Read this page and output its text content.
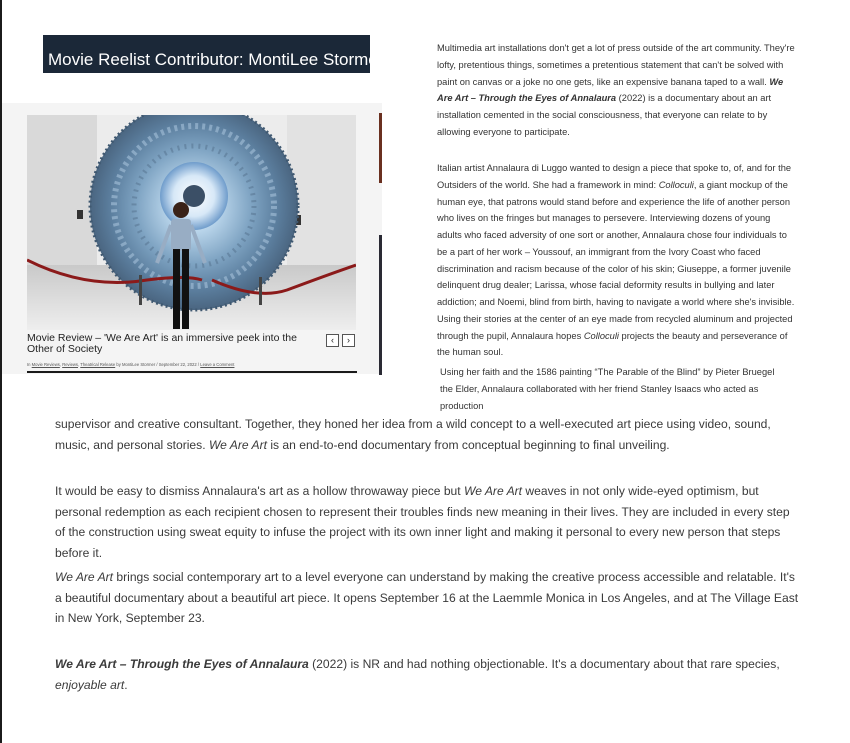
Movie Reelist Contributor: MontiLee Stormer
Movie Review – 'We Are Art' is an immersive peek into the Other of Society
‹	›
In Movie Reviews, Reviews, Theatrical Release by MontiLee Stormer / September 22, 2022 / Leave a Comment

Multimedia art installations don't get a lot of press outside of the art community. They're lofty, pretentious things, sometimes a pretentious statement that can't be solved with paint on canvas or a joke no one gets, like an expensive banana taped to a wall. We Are Art – Through the Eyes of Annalaura (2022) is a documentary about an art installation cemented in the social consciousness, that everyone can relate to by allowing everyone to participate.

Italian artist Annalaura di Luggo wanted to design a piece that spoke to, of, and for the Outsiders of the world. She had a framework in mind: Colloculi, a giant mockup of the human eye, that patrons would stand before and experience the life of another person who lives on the fringes but manages to persevere. Interviewing dozens of young adults who faced adversity of one sort or another, Annalaura chose four individuals to be a part of her work – Youssouf, an immigrant from the Ivory Coast who faced discrimination and racism because of the color of his skin; Giuseppe, a former juvenile delinquent drug dealer; Larissa, whose facial deformity results in bullying and later addiction; and Noemi, blind from birth, having to navigate a world where she's invisible. Using their stories at the center of an eye made from recycled aluminum and projected through the pupil, Annalaura hopes Colloculi projects the beauty and perseverance of the human soul.

Using her faith and the 1586 painting “The Parable of the Blind” by Pieter Bruegel the Elder, Annalaura collaborated with her friend Stanley Isaacs who acted as production

supervisor and creative consultant. Together, they honed her idea from a wild concept to a well-executed art piece using video, sound, music, and personal stories. We Are Art is an end-to-end documentary from conceptual beginning to final unveiling.

It would be easy to dismiss Annalaura's art as a hollow throwaway piece but We Are Art weaves in not only wide-eyed optimism, but personal redemption as each recipient chosen to represent their troubles finds new meaning in their lives. They are included in every step of the construction using sweat equity to infuse the project with its own inner light and making it personal to every new person that steps before it.

We Are Art brings social contemporary art to a level everyone can understand by making the creative process accessible and relatable. It's a beautiful documentary about a beautiful art piece. It opens September 16 at the Laemmle Monica in Los Angeles, and at The Village East in New York, September 23.

We Are Art – Through the Eyes of Annalaura (2022) is NR and had nothing objectionable. It's a documentary about that rare species, enjoyable art.
